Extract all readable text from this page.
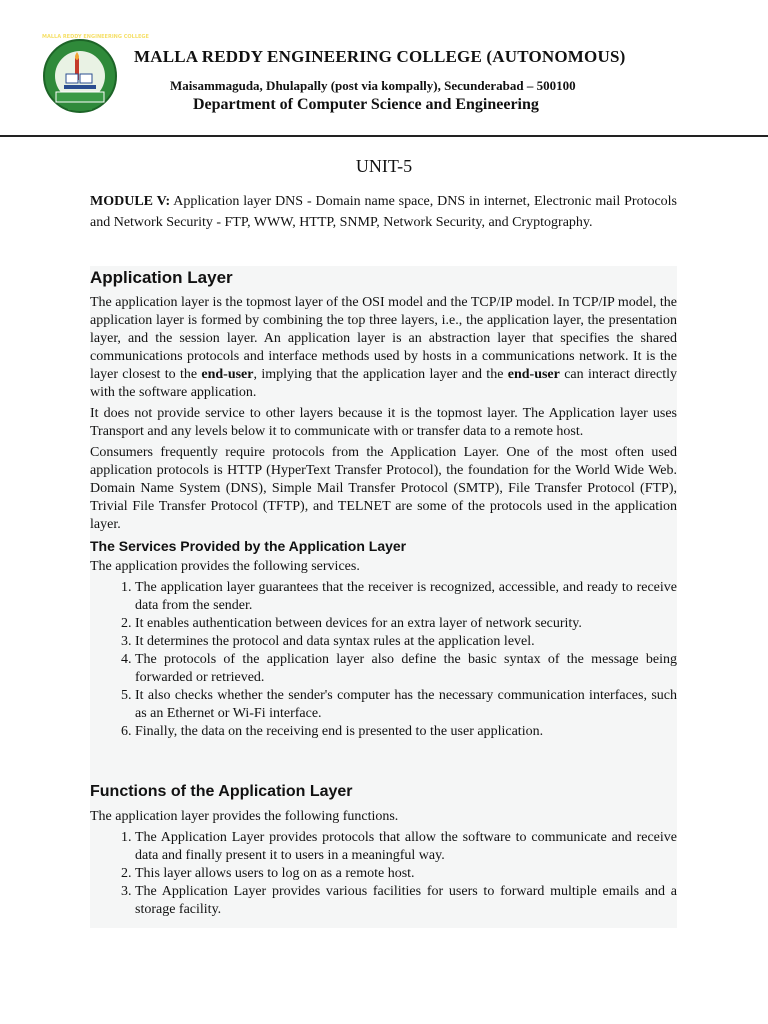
MALLA REDDY ENGINEERING COLLEGE
MALLA REDDY ENGINEERING COLLEGE (AUTONOMOUS)
Maisammaguda, Dhulapally (post via kompally), Secunderabad – 500100
Department of Computer Science and Engineering
UNIT-5

MODULE V: Application layer DNS - Domain name space, DNS in internet, Electronic mail Protocols and Network Security - FTP, WWW, HTTP, SNMP, Network Security, and Cryptography.

Application Layer

The application layer is the topmost layer of the OSI model and the TCP/IP model. In TCP/IP model, the application layer is formed by combining the top three layers, i.e., the application layer, the presentation layer, and the session layer. An application layer is an abstraction layer that specifies the shared communications protocols and interface methods used by hosts in a communications network. It is the layer closest to the end-user, implying that the application layer and the end-user can interact directly with the software application.

It does not provide service to other layers because it is the topmost layer. The Application layer uses Transport and any levels below it to communicate with or transfer data to a remote host.

Consumers frequently require protocols from the Application Layer. One of the most often used application protocols is HTTP (HyperText Transfer Protocol), the foundation for the World Wide Web. Domain Name System (DNS), Simple Mail Transfer Protocol (SMTP), File Transfer Protocol (FTP), Trivial File Transfer Protocol (TFTP), and TELNET are some of the protocols used in the application layer.

The Services Provided by the Application Layer

The application provides the following services.

1. The application layer guarantees that the receiver is recognized, accessible, and ready to receive data from the sender.
2. It enables authentication between devices for an extra layer of network security.
3. It determines the protocol and data syntax rules at the application level.
4. The protocols of the application layer also define the basic syntax of the message being forwarded or retrieved.
5. It also checks whether the sender's computer has the necessary communication interfaces, such as an Ethernet or Wi-Fi interface.
6. Finally, the data on the receiving end is presented to the user application.
Functions of the Application Layer

The application layer provides the following functions.

1. The Application Layer provides protocols that allow the software to communicate and receive data and finally present it to users in a meaningful way.
2. This layer allows users to log on as a remote host.
3. The Application Layer provides various facilities for users to forward multiple emails and a storage facility.
